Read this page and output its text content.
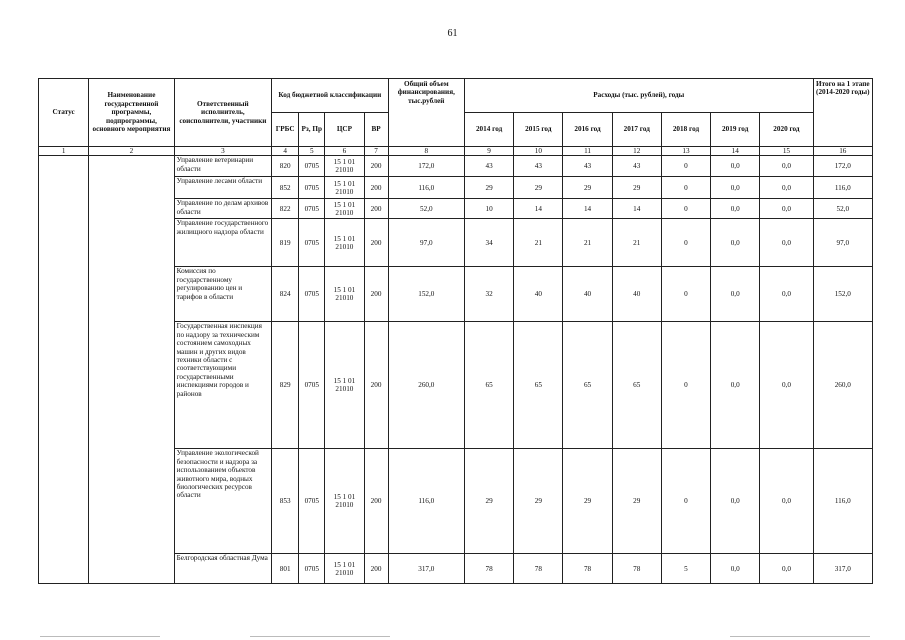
61
Статус	Наименование государственной программы, подпрограммы, основного мероприятия	Ответственный исполнитель, соисполнители, участники	Код бюджетной классификации				Общий объем финансирования, тыс.рублей	Расходы (тыс. рублей), годы							Итого на 1 этапе (2014-2020 годы)
			ГРБС	Рз, Пр	ЦСР	ВР		2014 год	2015 год	2016 год	2017 год	2018 год	2019 год	2020 год	
1	2	3	4	5	6	7	8	9	10	11	12	13	14	15	16
		Управление ветеринарии области	820	0705	15 1 01 21010	200	172,0	43	43	43	43	0	0,0	0,0	172,0
		Управление лесами области	852	0705	15 1 01 21010	200	116,0	29	29	29	29	0	0,0	0,0	116,0
		Управление по делам архивов области	822	0705	15 1 01 21010	200	52,0	10	14	14	14	0	0,0	0,0	52,0
		Управление государственного жилищного надзора области	819	0705	15 1 01 21010	200	97,0	34	21	21	21	0	0,0	0,0	97,0
		Комиссия по государственному регулированию цен и тарифов в области	824	0705	15 1 01 21010	200	152,0	32	40	40	40	0	0,0	0,0	152,0
		Государственная инспекция по надзору за техническим состоянием самоходных машин и других видов техники области с соответствующими государственными инспекциями городов и районов	829	0705	15 1 01 21010	200	260,0	65	65	65	65	0	0,0	0,0	260,0
		Управление экологической безопасности и надзора за использованием объектов животного мира, водных биологических ресурсов области	853	0705	15 1 01 21010	200	116,0	29	29	29	29	0	0,0	0,0	116,0
		Белгородская областная Дума	801	0705	15 1 01 21010	200	317,0	78	78	78	78	5	0,0	0,0	317,0
